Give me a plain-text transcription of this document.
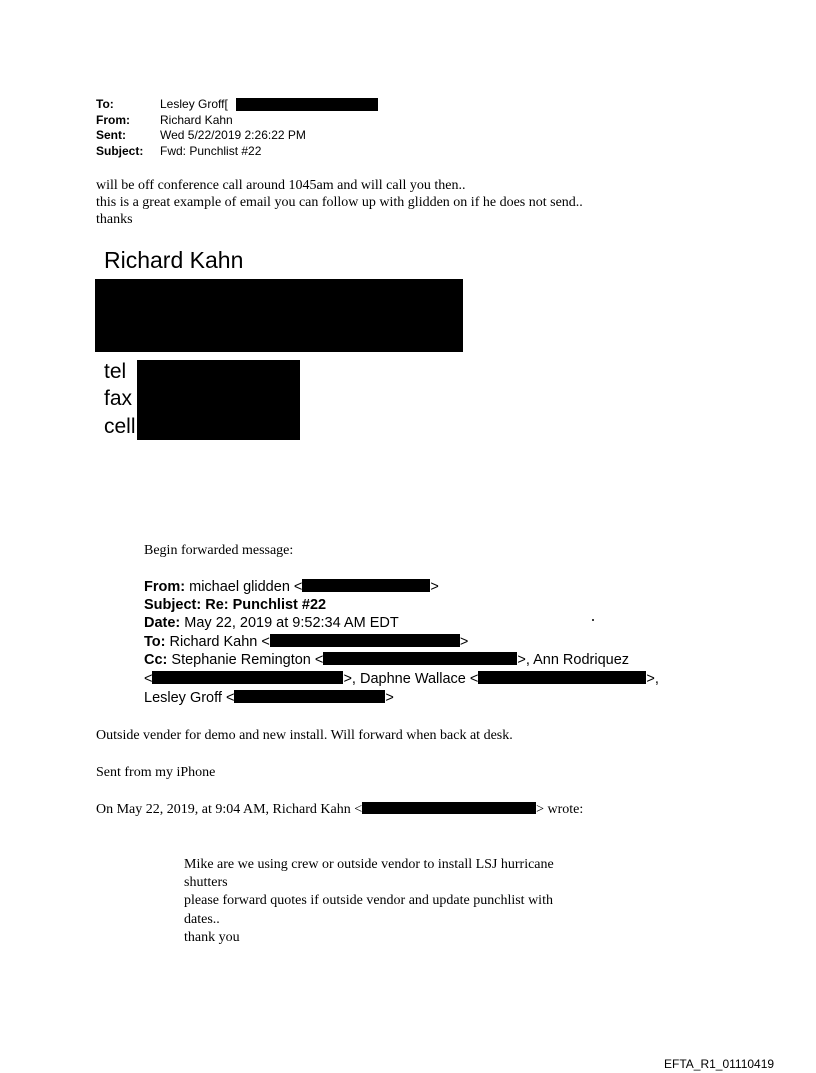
To:	Lesley Groff[
From:	Richard Kahn
Sent:	Wed 5/22/2019 2:26:22 PM
Subject:	Fwd: Punchlist #22
will be off conference call around 1045am and will call you then..
this is a great example of email you can follow up with glidden on if he does not send..
thanks
Richard Kahn
tel
fax
cell
Begin forwarded message:
From: michael glidden <	>
Subject: Re: Punchlist #22
Date: May 22, 2019 at 9:52:34 AM EDT
To: Richard Kahn <	>
Cc: Stephanie Remington <	>, Ann Rodriquez
<	>, Daphne Wallace <	>,
Lesley Groff <	>
Outside vender for demo and new install. Will forward when back at desk.
Sent from my iPhone
On May 22, 2019, at 9:04 AM, Richard Kahn <	> wrote:
Mike are we using crew or outside vendor to install LSJ hurricane
shutters
please forward quotes if outside vendor and update punchlist with
dates..
thank you
EFTA_R1_01110419
